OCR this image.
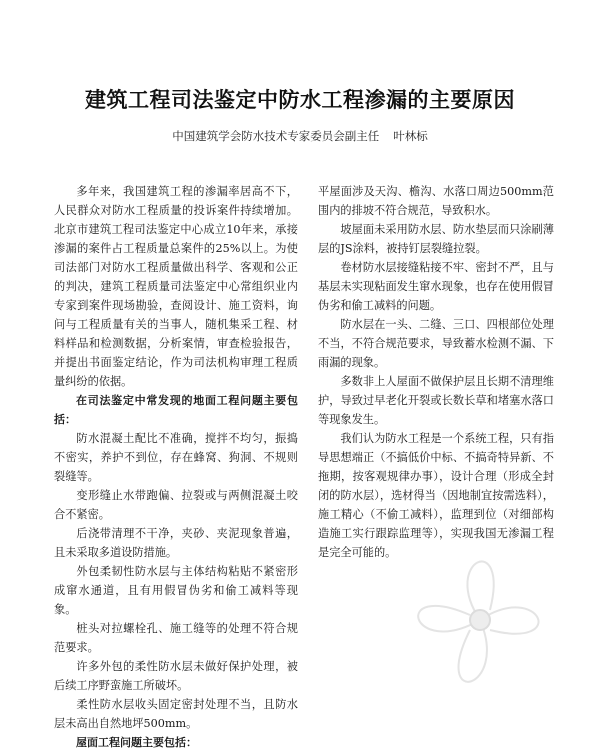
建筑工程司法鉴定中防水工程渗漏的主要原因
中国建筑学会防水技术专家委员会副主任 叶林标

多年来，我国建筑工程的渗漏率居高不下，人民群众对防水工程质量的投诉案件持续增加。北京市建筑工程司法鉴定中心成立10年来，承接渗漏的案件占工程质量总案件的25%以上。为使司法部门对防水工程质量做出科学、客观和公正的判决，建筑工程质量司法鉴定中心常组织业内专家到案件现场勘验，查阅设计、施工资料，询问与工程质量有关的当事人，随机集采工程、材料样品和检测数据，分析案情，审查检验报告，并提出书面鉴定结论，作为司法机构审理工程质量纠纷的依据。

在司法鉴定中常发现的地面工程问题主要包括：

防水混凝土配比不准确，搅拌不均匀，振捣不密实，养护不到位，存在蜂窝、狗洞、不规则裂缝等。

变形缝止水带跑偏、拉裂或与两侧混凝土咬合不紧密。

后浇带清理不干净，夹砂、夹泥现象普遍，且未采取多道设防措施。

外包柔韧性防水层与主体结构粘贴不紧密形成窜水通道，且有用假冒伪劣和偷工减料等现象。

桩头对拉螺栓孔、施工缝等的处理不符合规范要求。

许多外包的柔性防水层未做好保护处理，被后续工序野蛮施工所破坏。

柔性防水层收头固定密封处理不当，且防水层未高出自然地坪500mm。

屋面工程问题主要包括：

平屋面涉及天沟、檐沟、水落口周边500mm范围内的排坡不符合规范，导致积水。

坡屋面未采用防水层、防水垫层而只涂刷薄层的JS涂料，被持钉层裂缝拉裂。

卷材防水层接缝粘接不牢、密封不严，且与基层未实现粘面发生窜水现象，也存在使用假冒伪劣和偷工减料的问题。

防水层在一头、二缝、三口、四根部位处理不当，不符合规范要求，导致蓄水检测不漏、下雨漏的现象。

多数非上人屋面不做保护层且长期不清理维护，导致过早老化开裂或长数长草和堵塞水落口等现象发生。

我们认为防水工程是一个系统工程，只有指导思想端正（不搞低价中标、不搞奇特异新、不拖期，按客观规律办事），设计合理（形成全封闭的防水层），选材得当（因地制宜按需选料），施工精心（不偷工减料），监理到位（对细部构造施工实行跟踪监理等），实现我国无渗漏工程是完全可能的。
